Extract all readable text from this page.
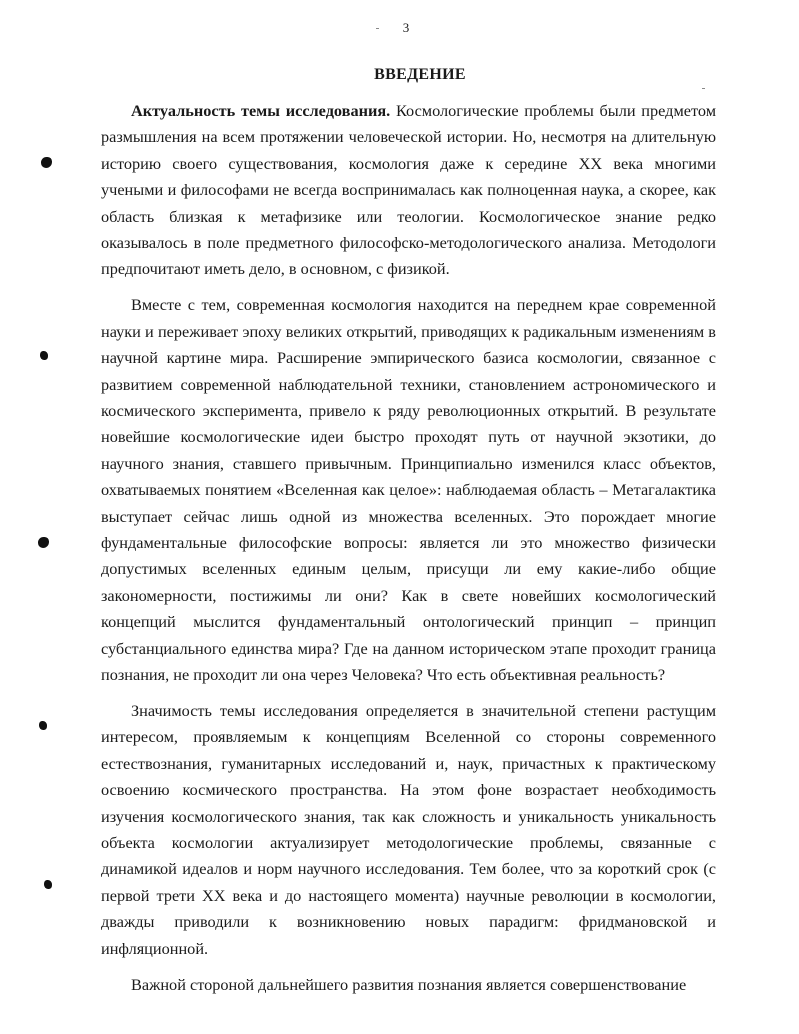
3
ВВЕДЕНИЕ

Актуальность темы исследования. Космологические проблемы были предметом размышления на всем протяжении человеческой истории. Но, несмотря на длительную историю своего существования, космология даже к середине XX века многими учеными и философами не всегда воспринималась как полноценная наука, а скорее, как область близкая к метафизике или теологии. Космологическое знание редко оказывалось в поле предметного философско-методологического анализа. Методологи предпочитают иметь дело, в основном, с физикой.

Вместе с тем, современная космология находится на переднем крае современной науки и переживает эпоху великих открытий, приводящих к радикальным изменениям в научной картине мира. Расширение эмпирического базиса космологии, связанное с развитием современной наблюдательной техники, становлением астрономического и космического эксперимента, привело к ряду революционных открытий. В результате новейшие космологические идеи быстро проходят путь от научной экзотики, до научного знания, ставшего привычным. Принципиально изменился класс объектов, охватываемых понятием «Вселенная как целое»: наблюдаемая область – Метагалактика выступает сейчас лишь одной из множества вселенных. Это порождает многие фундаментальные философские вопросы: является ли это множество физически допустимых вселенных единым целым, присущи ли ему какие-либо общие закономерности, постижимы ли они? Как в свете новейших космологический концепций мыслится фундаментальный онтологический принцип – принцип субстанциального единства мира? Где на данном историческом этапе проходит граница познания, не проходит ли она через Человека? Что есть объективная реальность?

Значимость темы исследования определяется в значительной степени растущим интересом, проявляемым к концепциям Вселенной со стороны современного естествознания, гуманитарных исследований и, наук, причастных к практическому освоению космического пространства. На этом фоне возрастает необходимость изучения космологического знания, так как сложность и уникальность уникальность объекта космологии актуализирует методологические проблемы, связанные с динамикой идеалов и норм научного исследования. Тем более, что за короткий срок (с первой трети XX века и до настоящего момента) научные революции в космологии, дважды приводили к возникновению новых парадигм: фридмановской и инфляционной.

Важной стороной дальнейшего развития познания является совершенствование
